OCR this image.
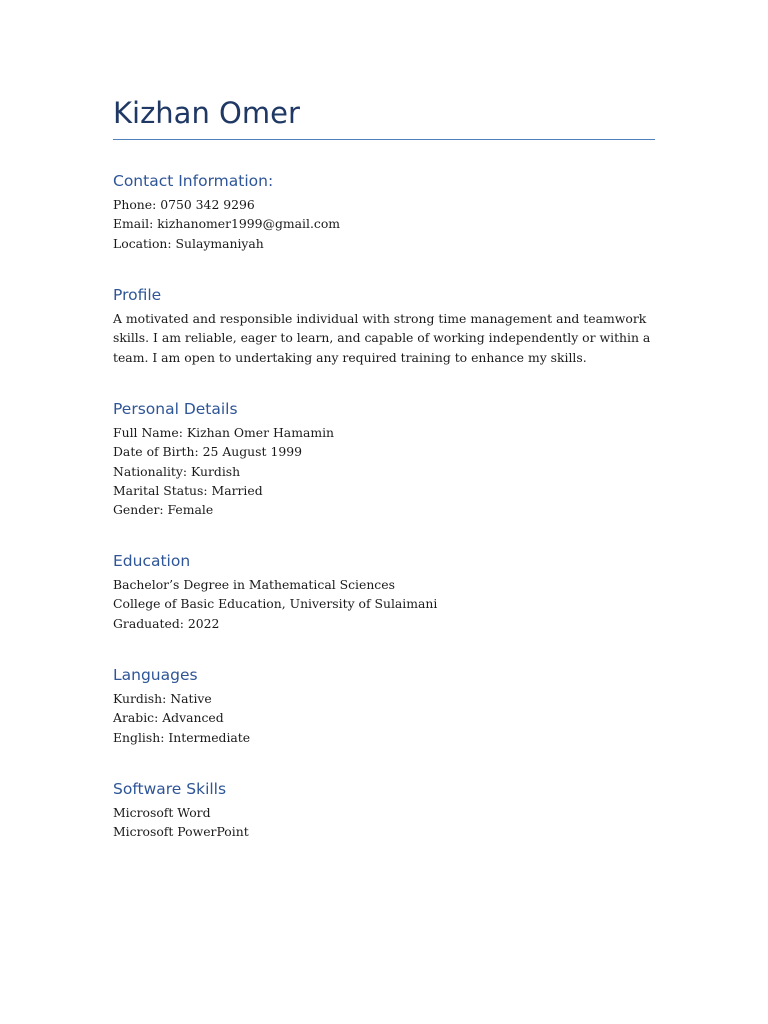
Kizhan Omer
Contact Information:
Phone: 0750 342 9296
Email: kizhanomer1999@gmail.com
Location: Sulaymaniyah
Profile
A motivated and responsible individual with strong time management and teamwork skills. I am reliable, eager to learn, and capable of working independently or within a team. I am open to undertaking any required training to enhance my skills.
Personal Details
Full Name: Kizhan Omer Hamamin
Date of Birth: 25 August 1999
Nationality: Kurdish
Marital Status: Married
Gender: Female
Education
Bachelor’s Degree in Mathematical Sciences
College of Basic Education, University of Sulaimani
Graduated: 2022
Languages
Kurdish: Native
Arabic: Advanced
English: Intermediate
Software Skills
Microsoft Word
Microsoft PowerPoint
